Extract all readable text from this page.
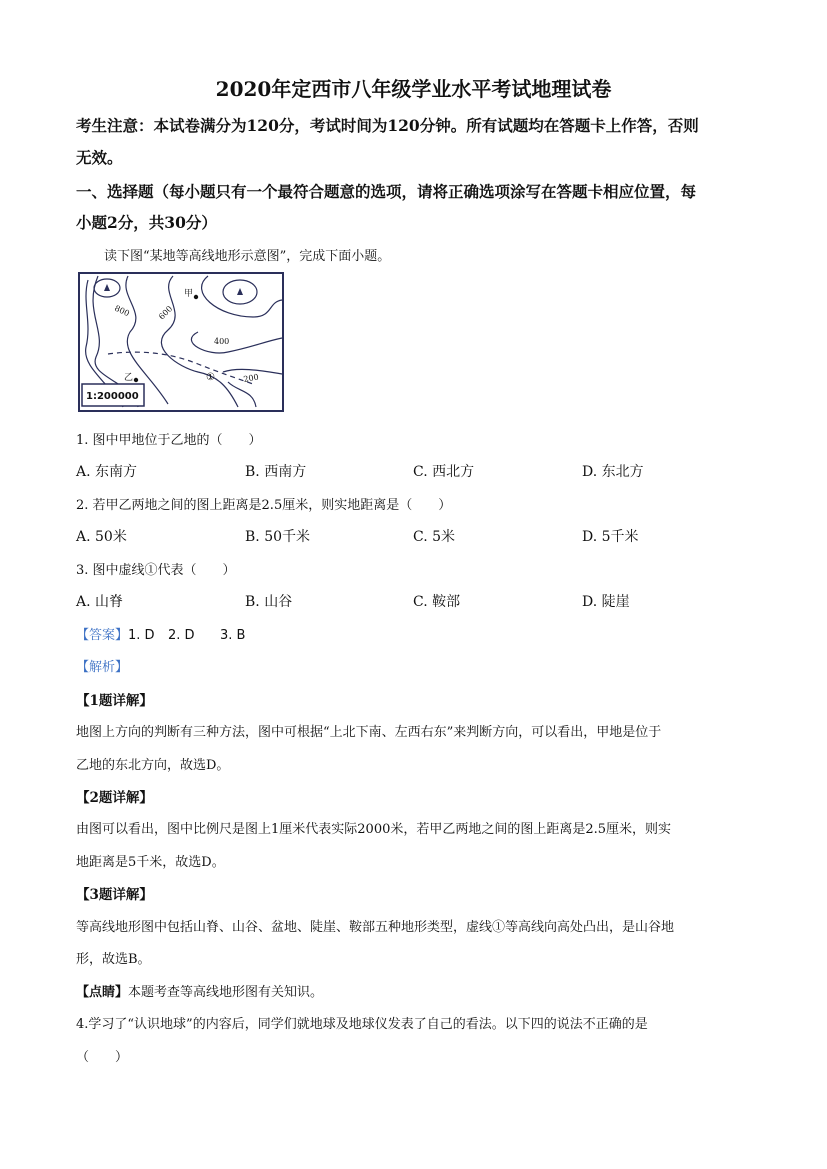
2020年定西市八年级学业水平考试地理试卷
考生注意：本试卷满分为120分，考试时间为120分钟。所有试题均在答题卡上作答，否则
无效。
一、选择题（每小题只有一个最符合题意的选项，请将正确选项涂写在答题卡相应位置，每
小题2分，共30分）
读下图“某地等高线地形示意图”，完成下面小题。
甲
乙	①
800	600
400
200
1:200000
1. 图中甲地位于乙地的（　　）
A. 东南方	B. 西南方	C. 西北方	D. 东北方
2. 若甲乙两地之间的图上距离是2.5厘米，则实地距离是（　　）
A. 50米	B. 50千米	C. 5米	D. 5千米
3. 图中虚线①代表（　　）
A. 山脊	B. 山谷	C. 鞍部	D. 陡崖
【答案】1. D 2. D 3. B
【解析】
【1题详解】
地图上方向的判断有三种方法，图中可根据“上北下南、左西右东”来判断方向，可以看出，甲地是位于
乙地的东北方向，故选D。
【2题详解】
由图可以看出，图中比例尺是图上1厘米代表实际2000米，若甲乙两地之间的图上距离是2.5厘米，则实
地距离是5千米，故选D。
【3题详解】
等高线地形图中包括山脊、山谷、盆地、陡崖、鞍部五种地形类型，虚线①等高线向高处凸出，是山谷地
形，故选B。
【点睛】本题考查等高线地形图有关知识。
4.学习了“认识地球”的内容后，同学们就地球及地球仪发表了自己的看法。以下四的说法不正确的是
（　　）
